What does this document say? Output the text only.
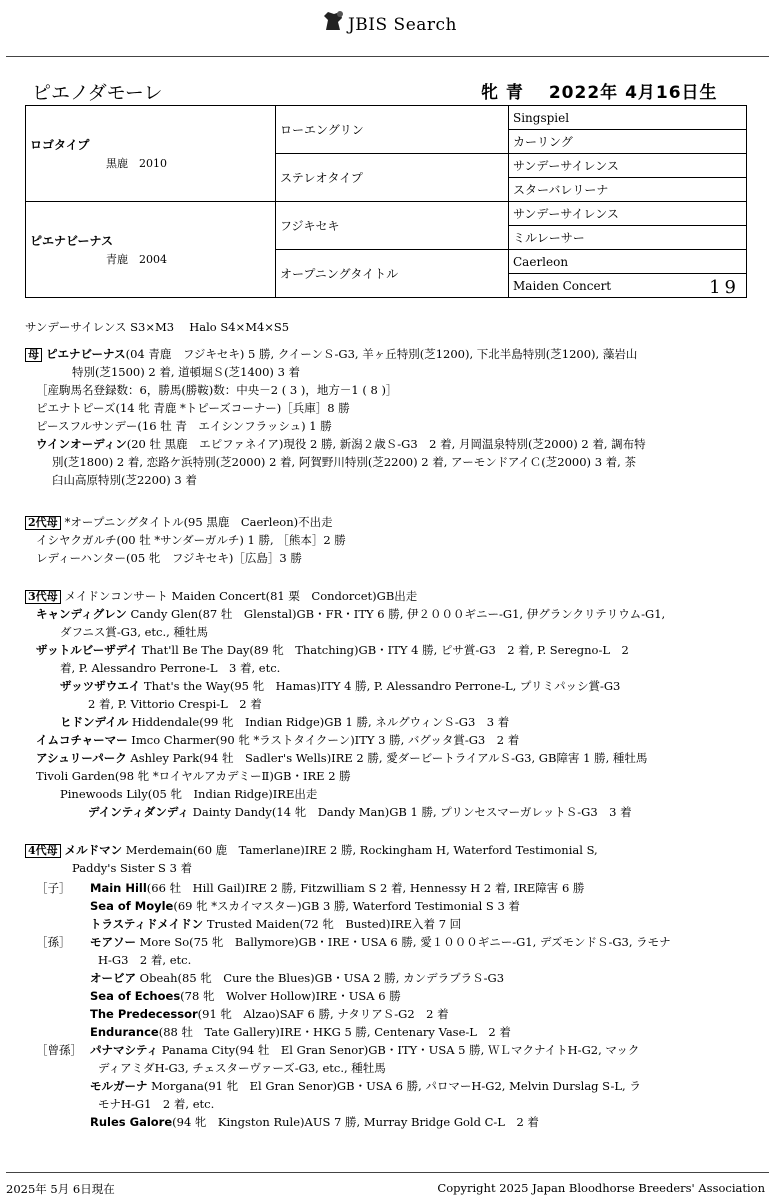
JBIS Search
ピエノダモーレ	牝 青　 2022年 4月16日生
ロゴタイプ
黒鹿　2010	ローエングリン	Singspiel
		カーリング
	ステレオタイプ	サンデーサイレンス
		スターバレリーナ

ピエナビーナス
青鹿　2004	フジキセキ	サンデーサイレンス
		ミルレーサー
	オープニングタイトル	Caerleon

		Maiden Concert 19
サンデーサイレンス S3×M3　 Halo S4×M4×S5
母 ピエナビーナス(04 青鹿　フジキセキ) 5 勝, クイーンＳ-G3, 羊ヶ丘特別(芝1200), 下北半島特別(芝1200), 藻岩山
特別(芝1500) 2 着, 道頓堀Ｓ(芝1400) 3 着
［産駒馬名登録数：6，勝馬(勝鞍)数：中央－2 ( 3 )，地方－1 ( 8 )］
ピエナトピーズ(14 牝 青鹿 *トピーズコーナー)［兵庫］8 勝
ピースフルサンデー(16 牡 青　エイシンフラッシュ) 1 勝
ウインオーディン(20 牡 黒鹿　エピファネイア)現役 2 勝, 新潟２歳Ｓ-G3　2 着, 月岡温泉特別(芝2000) 2 着, 調布特
別(芝1800) 2 着, 恋路ケ浜特別(芝2000) 2 着, 阿賀野川特別(芝2200) 2 着, アーモンドアイＣ(芝2000) 3 着, 茶
臼山高原特別(芝2200) 3 着
2代母 *オープニングタイトル(95 黒鹿　Caerleon)不出走
イシヤクガルチ(00 牡 *サンダーガルチ) 1 勝, ［熊本］2 勝
レディーハンター(05 牝　フジキセキ)［広島］3 勝
3代母 メイドンコンサート Maiden Concert(81 栗　Condorcet)GB出走
キャンディグレン Candy Glen(87 牡　Glenstal)GB・FR・ITY 6 勝, 伊２０００ギニー-G1, 伊グランクリテリウム-G1,
ダフニス賞-G3, etc., 種牡馬
ザットルビーザデイ That'll Be The Day(89 牝　Thatching)GB・ITY 4 勝, ピサ賞-G3　2 着, P. Seregno-L　2
着, P. Alessandro Perrone-L　3 着, etc.
ザッツザウエイ That's the Way(95 牝　Hamas)ITY 4 勝, P. Alessandro Perrone-L, プリミパッシ賞-G3
2 着, P. Vittorio Crespi-L　2 着
ヒドンデイル Hiddendale(99 牝　Indian Ridge)GB 1 勝, ネルグウィンＳ-G3　3 着
イムコチャーマー Imco Charmer(90 牝 *ラストタイクーン)ITY 3 勝, バグッタ賞-G3　2 着
アシュリーパーク Ashley Park(94 牡　Sadler's Wells)IRE 2 勝, 愛ダービートライアルＳ-G3, GB障害 1 勝, 種牡馬
Tivoli Garden(98 牝 *ロイヤルアカデミーⅡ)GB・IRE 2 勝
Pinewoods Lily(05 牝　Indian Ridge)IRE出走
デインティダンディ Dainty Dandy(14 牝　Dandy Man)GB 1 勝, プリンセスマーガレットＳ-G3　3 着
4代母 メルドマン Merdemain(60 鹿　Tamerlane)IRE 2 勝, Rockingham H, Waterford Testimonial S,
Paddy's Sister S 3 着
［子］ Main Hill(66 牡　Hill Gail)IRE 2 勝, Fitzwilliam S 2 着, Hennessy H 2 着, IRE障害 6 勝
Sea of Moyle(69 牝 *スカイマスター)GB 3 勝, Waterford Testimonial S 3 着
トラスティドメイドン Trusted Maiden(72 牝　Busted)IRE入着 7 回
［孫］ モアソー More So(75 牝　Ballymore)GB・IRE・USA 6 勝, 愛１０００ギニー-G1, デズモンドＳ-G3, ラモナ
H-G3　2 着, etc.
オービア Obeah(85 牝　Cure the Blues)GB・USA 2 勝, カンデラブラＳ-G3
Sea of Echoes(78 牝　Wolver Hollow)IRE・USA 6 勝
The Predecessor(91 牝　Alzao)SAF 6 勝, ナタリアＳ-G2　2 着
Endurance(88 牡　Tate Gallery)IRE・HKG 5 勝, Centenary Vase-L　2 着
［曾孫］ パナマシティ Panama City(94 牡　El Gran Senor)GB・ITY・USA 5 勝, ＷＬマクナイトH-G2, マック
ディアミダH-G3, チェスターヴァーズ-G3, etc., 種牡馬
モルガーナ Morgana(91 牝　El Gran Senor)GB・USA 6 勝, パロマーH-G2, Melvin Durslag S-L, ラ
モナH-G1　2 着, etc.
Rules Galore(94 牝　Kingston Rule)AUS 7 勝, Murray Bridge Gold C-L　2 着
2025年 5月 6日現在	Copyright 2025 Japan Bloodhorse Breeders' Association
